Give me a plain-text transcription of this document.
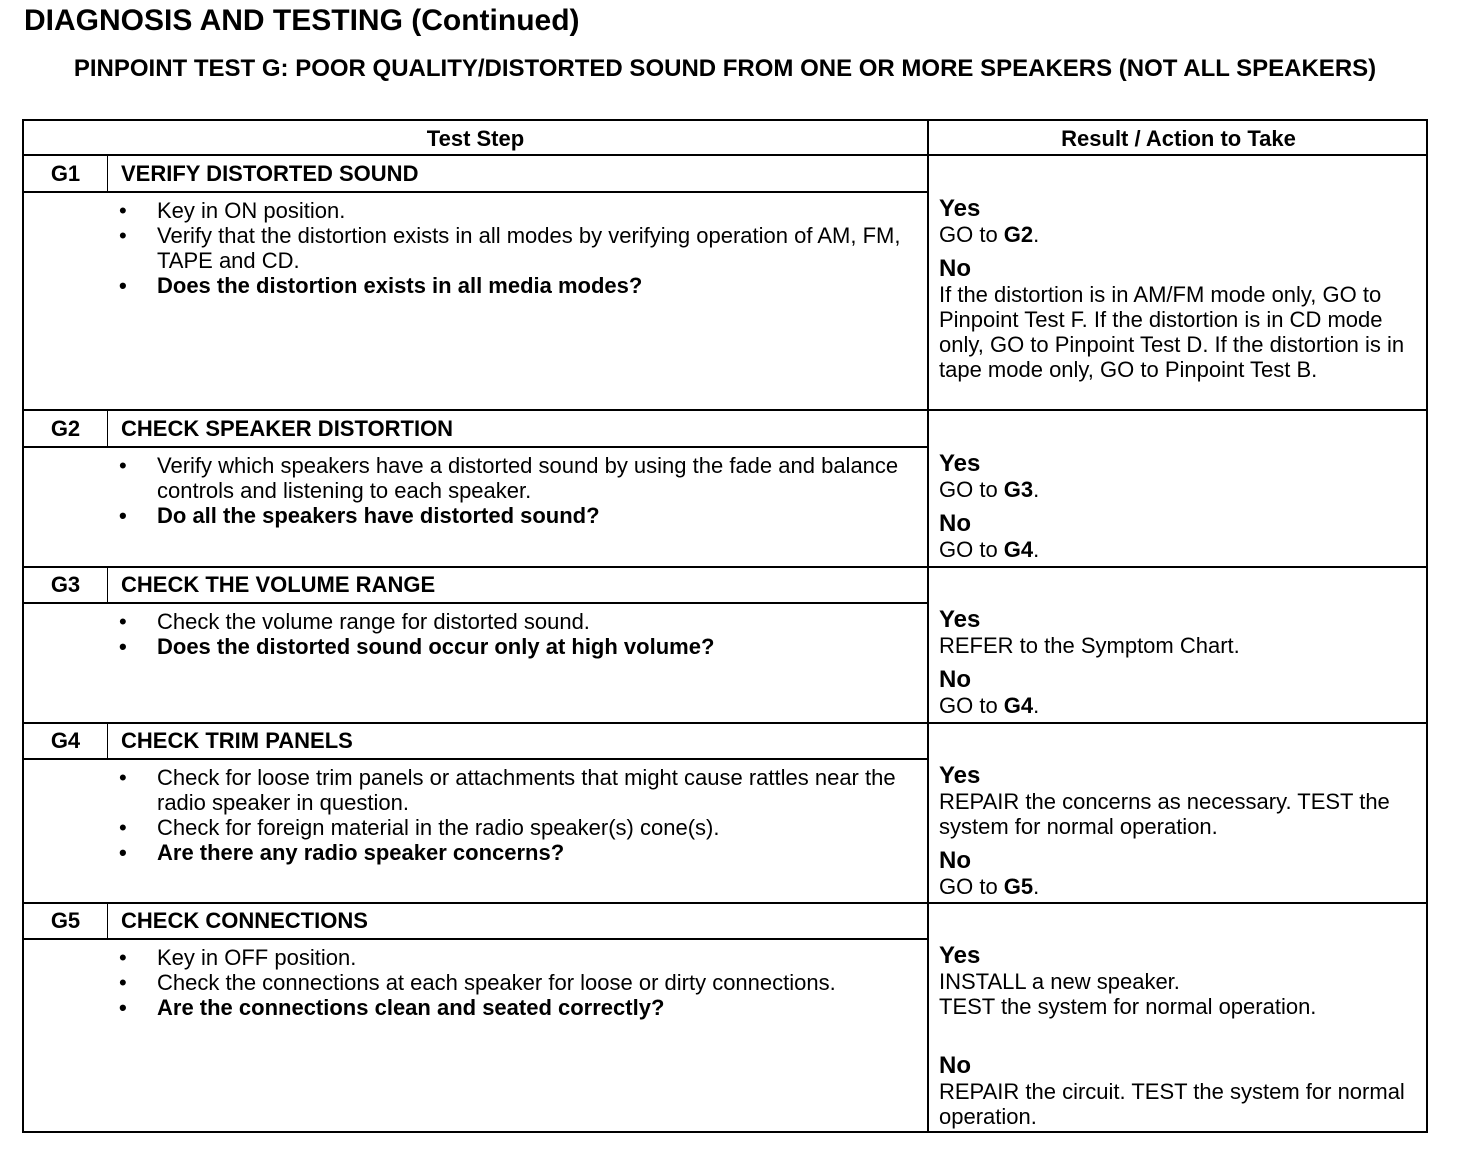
DIAGNOSIS AND TESTING (Continued)
PINPOINT TEST G: POOR QUALITY/DISTORTED SOUND FROM ONE OR MORE SPEAKERS (NOT ALL SPEAKERS)
Test Step	Result / Action to Take
G1	VERIFY DISTORTED SOUND
• Key in ON position.
• Verify that the distortion exists in all modes by verifying operation of AM, FM, TAPE and CD.
• Does the distortion exists in all media modes?
Yes
GO to G2.
No
If the distortion is in AM/FM mode only, GO to Pinpoint Test F. If the distortion is in CD mode only, GO to Pinpoint Test D. If the distortion is in tape mode only, GO to Pinpoint Test B.
G2	CHECK SPEAKER DISTORTION
• Verify which speakers have a distorted sound by using the fade and balance controls and listening to each speaker.
• Do all the speakers have distorted sound?
Yes
GO to G3.
No
GO to G4.
G3	CHECK THE VOLUME RANGE
• Check the volume range for distorted sound.
• Does the distorted sound occur only at high volume?
Yes
REFER to the Symptom Chart.
No
GO to G4.
G4	CHECK TRIM PANELS
• Check for loose trim panels or attachments that might cause rattles near the radio speaker in question.
• Check for foreign material in the radio speaker(s) cone(s).
• Are there any radio speaker concerns?
Yes
REPAIR the concerns as necessary. TEST the system for normal operation.
No
GO to G5.
G5	CHECK CONNECTIONS
• Key in OFF position.
• Check the connections at each speaker for loose or dirty connections.
• Are the connections clean and seated correctly?
Yes
INSTALL a new speaker.
TEST the system for normal operation.
No
REPAIR the circuit. TEST the system for normal operation.
